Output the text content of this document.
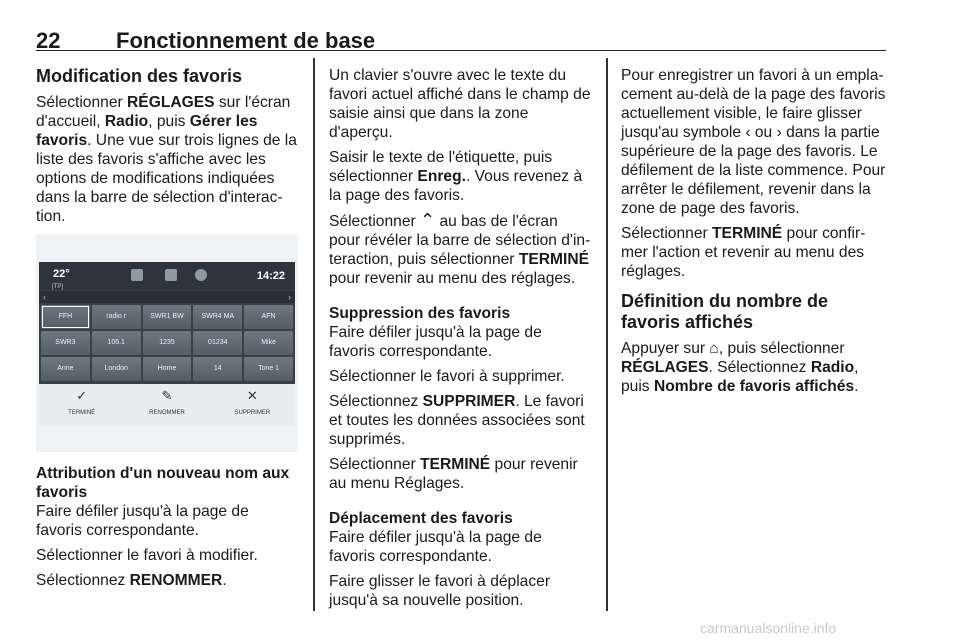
22	Fonctionnement de base
Modification des favoris

Sélectionner RÉGLAGES sur l'écran d'accueil, Radio, puis Gérer les favoris. Une vue sur trois lignes de la liste des favoris s'affiche avec les options de modifications indiquées dans la barre de sélection d'interaction.

22°
[TP]
14:22
‹	›
FFH	radio r	SWR1 BW	SWR4 MA	AFN
SWR3	106.1	1235	01234	Mike
Anne	London	Home	14	Tone 1
✓
TERMINÉ
✎
RENOMMER
✕
SUPPRIMER
Attribution d'un nouveau nom aux favoris

Faire défiler jusqu'à la page de favoris correspondante.

Sélectionner le favori à modifier.

Sélectionnez RENOMMER.

Un clavier s'ouvre avec le texte du favori actuel affiché dans le champ de saisie ainsi que dans la zone d'aperçu.

Saisir le texte de l'étiquette, puis sélectionner Enreg.. Vous revenez à la page des favoris.

Sélectionner ⌃ au bas de l'écran pour révéler la barre de sélection d'interaction, puis sélectionner TERMINÉ pour revenir au menu des réglages.

Suppression des favoris

Faire défiler jusqu'à la page de favoris correspondante.

Sélectionner le favori à supprimer.

Sélectionnez SUPPRIMER. Le favori et toutes les données associées sont supprimés.

Sélectionner TERMINÉ pour revenir au menu Réglages.

Déplacement des favoris

Faire défiler jusqu'à la page de favoris correspondante.

Faire glisser le favori à déplacer jusqu'à sa nouvelle position.

Pour enregistrer un favori à un emplacement au-delà de la page des favoris actuellement visible, le faire glisser jusqu'au symbole ‹ ou › dans la partie supérieure de la page des favoris. Le défilement de la liste commence. Pour arrêter le défilement, revenir dans la zone de page des favoris.

Sélectionner TERMINÉ pour confirmer l'action et revenir au menu des réglages.

Définition du nombre de favoris affichés

Appuyer sur ⌂, puis sélectionner RÉGLAGES. Sélectionnez Radio, puis Nombre de favoris affichés.

carmanualsonline.info
